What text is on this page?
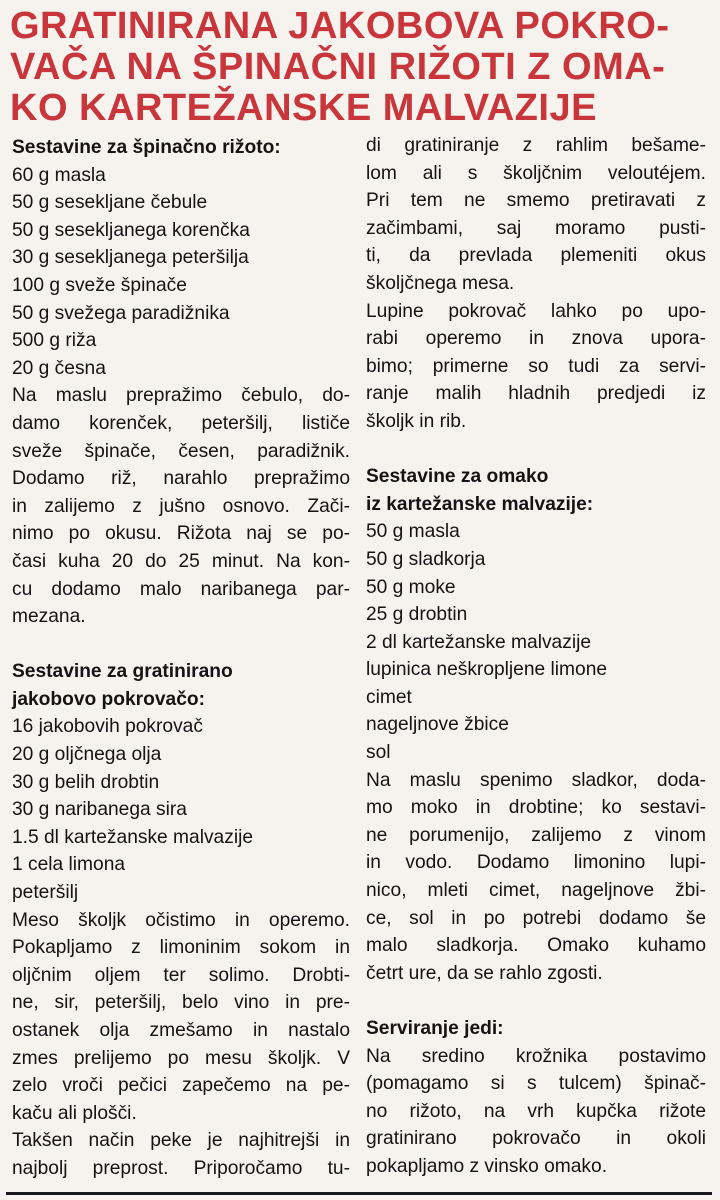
GRATINIRANA JAKOBOVA POKRO-
VAČA NA ŠPINAČNI RIŽOTI Z OMA-
KO KARTEŽANSKE MALVAZIJE
Sestavine za špinačno rižoto:
60 g masla
50 g sesekljane čebule
50 g sesekljanega korenčka
30 g sesekljanega peteršilja
100 g sveže špinače
50 g svežega paradižnika
500 g riža
20 g česna
Na maslu prepražimo čebulo, do-
damo korenček, peteršilj, lističe
sveže špinače, česen, paradižnik.
Dodamo riž, narahlo prepražimo
in zalijemo z jušno osnovo. Zači-
nimo po okusu. Rižota naj se po-
časi kuha 20 do 25 minut. Na kon-
cu dodamo malo naribanega par-
mezana.
Sestavine za gratinirano
jakobovo pokrovačo:
16 jakobovih pokrovač
20 g oljčnega olja
30 g belih drobtin
30 g naribanega sira
1.5 dl kartežanske malvazije
1 cela limona
peteršilj
Meso školjk očistimo in operemo.
Pokapljamo z limoninim sokom in
oljčnim oljem ter solimo. Drobti-
ne, sir, peteršilj, belo vino in pre-
ostanek olja zmešamo in nastalo
zmes prelijemo po mesu školjk. V
zelo vroči pečici zapečemo na pe-
kaču ali plošči.
Takšen način peke je najhitrejši in
najbolj preprost. Priporočamo tu-
di gratiniranje z rahlim bešame-
lom ali s školjčnim veloutéjem.
Pri tem ne smemo pretiravati z
začimbami, saj moramo pusti-
ti, da prevlada plemeniti okus
školjčnega mesa.
Lupine pokrovač lahko po upo-
rabi operemo in znova upora-
bimo; primerne so tudi za servi-
ranje malih hladnih predjedi iz
školjk in rib.
Sestavine za omako
iz kartežanske malvazije:
50 g masla
50 g sladkorja
50 g moke
25 g drobtin
2 dl kartežanske malvazije
lupinica neškropljene limone
cimet
nageljnove žbice
sol
Na maslu spenimo sladkor, doda-
mo moko in drobtine; ko sestavi-
ne porumenijo, zalijemo z vinom
in vodo. Dodamo limonino lupi-
nico, mleti cimet, nageljnove žbi-
ce, sol in po potrebi dodamo še
malo sladkorja. Omako kuhamo
četrt ure, da se rahlo zgosti.
Serviranje jedi:
Na sredino krožnika postavimo
(pomagamo si s tulcem) špinač-
no rižoto, na vrh kupčka rižote
gratinirano pokrovačo in okoli
pokapljamo z vinsko omako.
